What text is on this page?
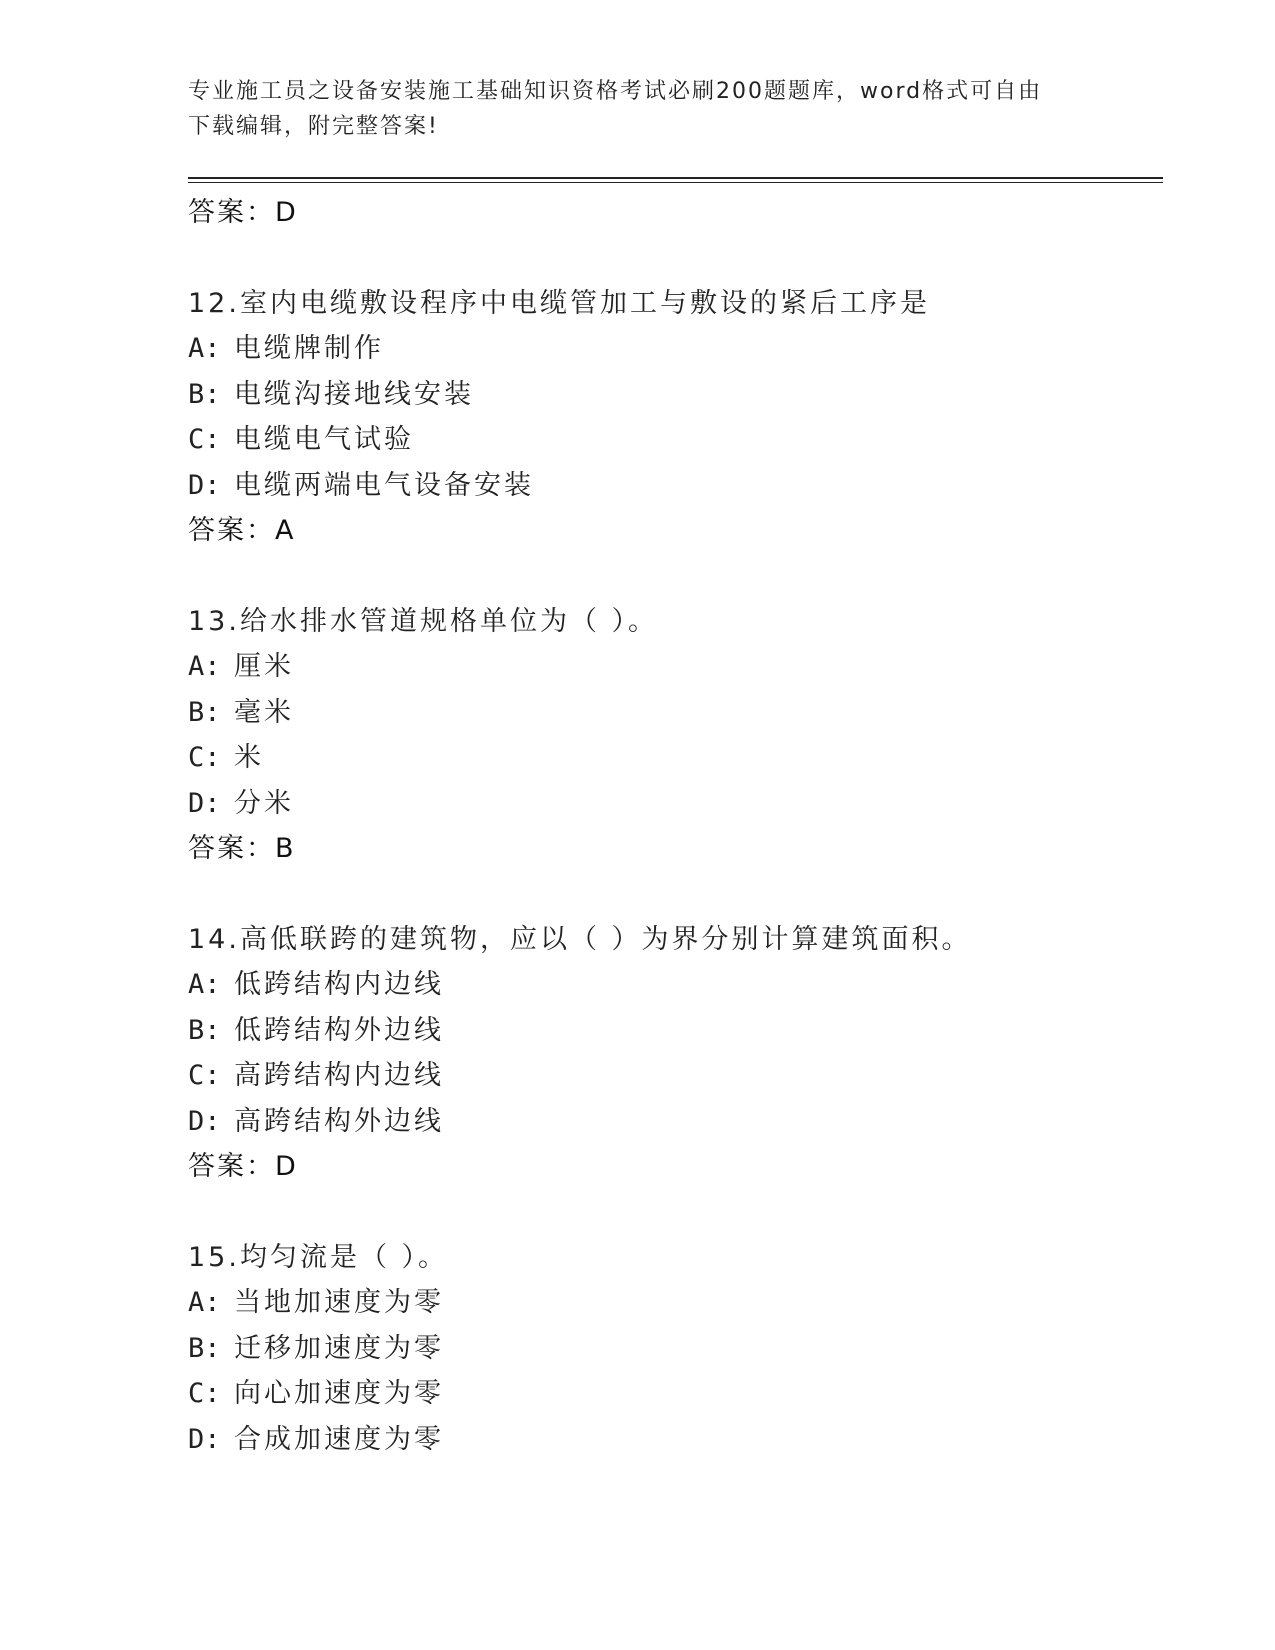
专业施工员之设备安装施工基础知识资格考试必刷200题题库，word格式可自由
下载编辑，附完整答案!
答案：D
12.室内电缆敷设程序中电缆管加工与敷设的紧后工序是
A: 电缆牌制作
B: 电缆沟接地线安装
C: 电缆电气试验
D: 电缆两端电气设备安装
答案：A
13.给水排水管道规格单位为（ ）。
A: 厘米
B: 毫米
C: 米
D: 分米
答案：B
14.高低联跨的建筑物，应以（ ）为界分别计算建筑面积。
A: 低跨结构内边线
B: 低跨结构外边线
C: 高跨结构内边线
D: 高跨结构外边线
答案：D
15.均匀流是（ ）。
A: 当地加速度为零
B: 迁移加速度为零
C: 向心加速度为零
D: 合成加速度为零
